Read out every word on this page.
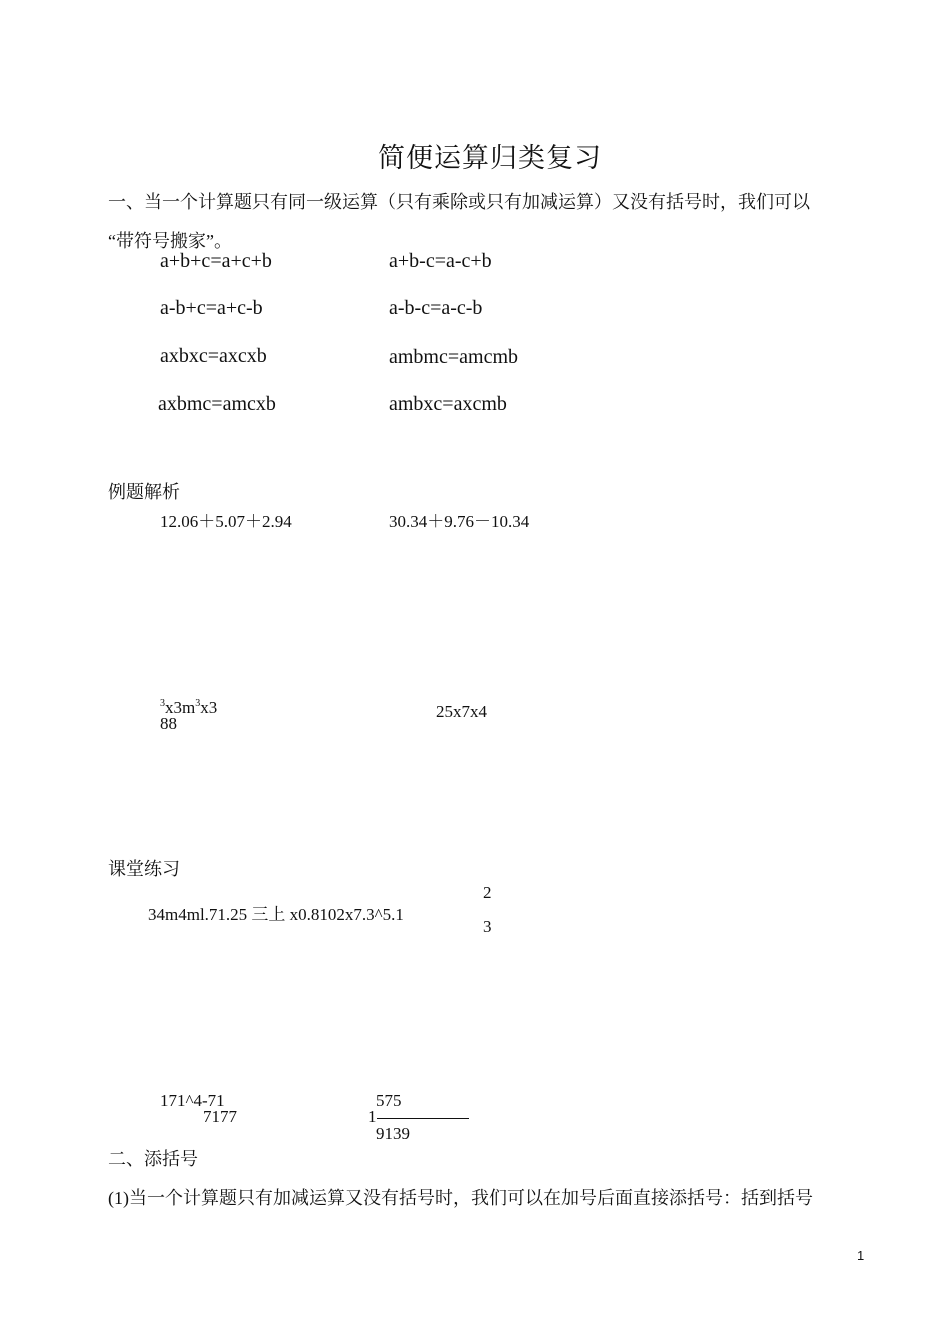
简便运算归类复习
一、当一个计算题只有同一级运算（只有乘除或只有加减运算）又没有括号时，我们可以
“带符号搬家”。
a+b+c=a+c+b	a+b-c=a-c+b
a-b+c=a+c-b	a-b-c=a-c-b
axbxc=axcxb	ambmc=amcmb
axbmc=amcxb	ambxc=axcmb
例题解析
12.06＋5.07＋2.94	30.34＋9.76－10.34
$^3x3m^3x3$
88
25x7x4
课堂练习
34m4ml.71.25 三上 x0.8102x7.3^5.1
2
3
171^4-71
7177
575
1
9139
二、添括号
(1)当一个计算题只有加减运算又没有括号时，我们可以在加号后面直接添括号：括到括号
1
